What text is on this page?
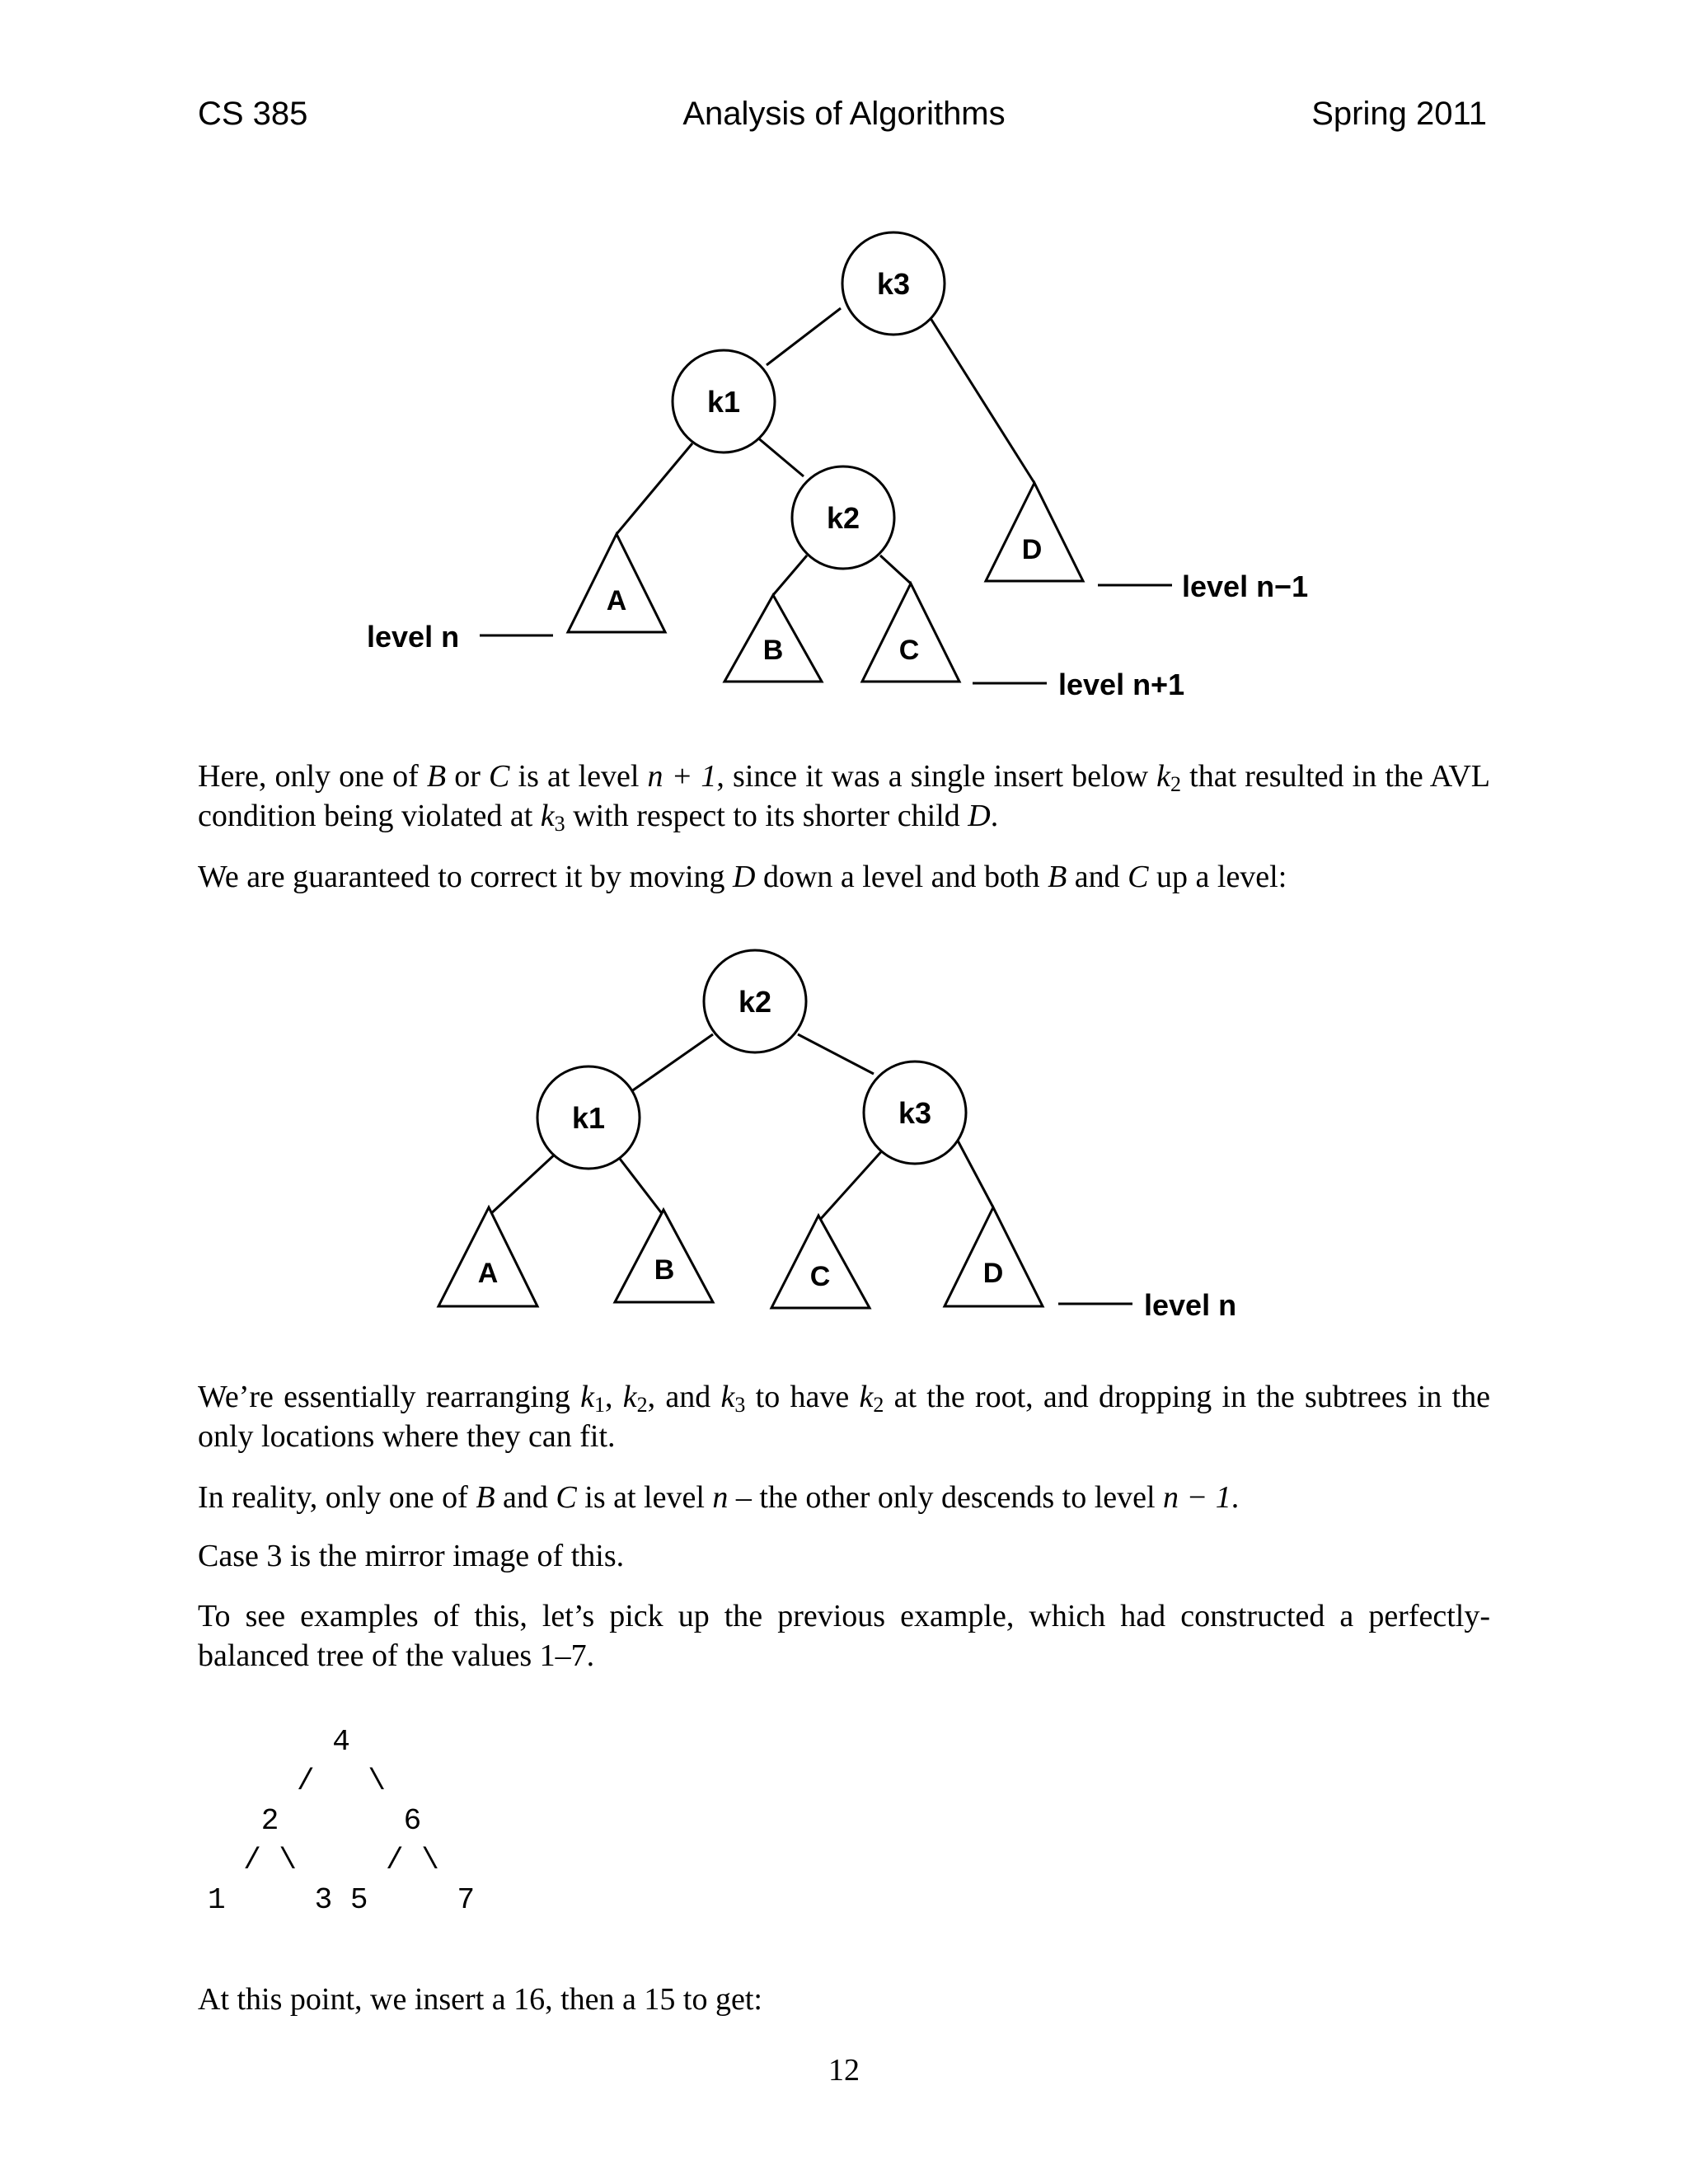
CS 385	Analysis of Algorithms	Spring 2011
k3
k1
k2
A
D
B	C
level n
level n−1
level n+1

Here, only one of B or C is at level n + 1, since it was a single insert below $k_2$ that resulted in the AVL condition being violated at $k_3$ with respect to its shorter child D.

We are guaranteed to correct it by moving D down a level and both B and C up a level:

k2
k1	k3
A	B	C	D
level n

We’re essentially rearranging $k_1$, $k_2$, and $k_3$ to have $k_2$ at the root, and dropping in the subtrees in the only locations where they can fit.

In reality, only one of B and C is at level n – the other only descends to level n − 1.

Case 3 is the mirror image of this.

To see examples of this, let’s pick up the previous example, which had constructed a perfectly-balanced tree of the values 1–7.

4
/   \
2       6
/ \     / \
1     3 5     7

At this point, we insert a 16, then a 15 to get:

12
